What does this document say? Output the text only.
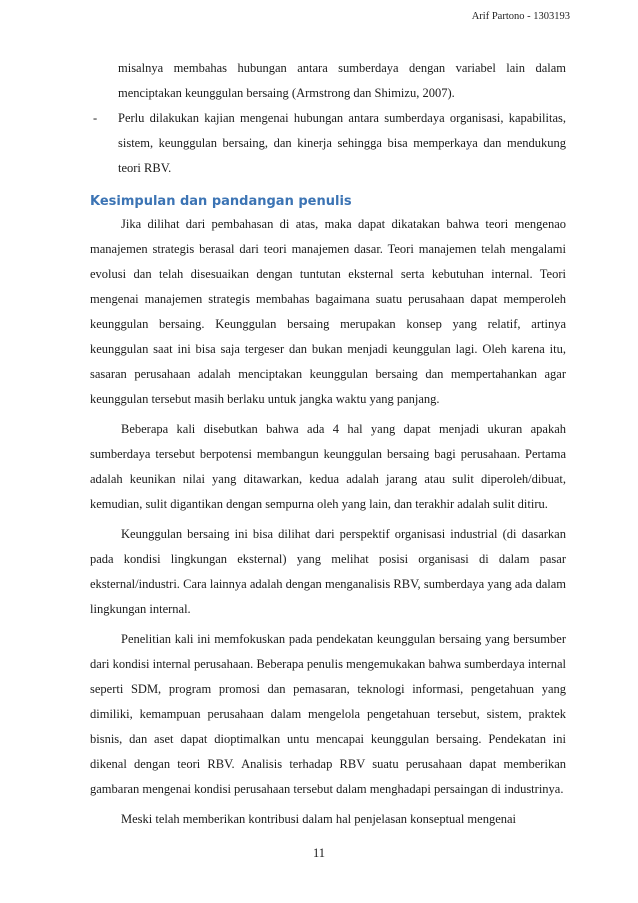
Arif Partono - 1303193

misalnya membahas hubungan antara sumberdaya dengan variabel lain dalam menciptakan keunggulan bersaing (Armstrong dan Shimizu, 2007).

- Perlu dilakukan kajian mengenai hubungan antara sumberdaya organisasi, kapabilitas, sistem, keunggulan bersaing, dan kinerja sehingga bisa memperkaya dan mendukung teori RBV.

Kesimpulan dan pandangan penulis

Jika dilihat dari pembahasan di atas, maka dapat dikatakan bahwa teori mengenao manajemen strategis berasal dari teori manajemen dasar. Teori manajemen telah mengalami evolusi dan telah disesuaikan dengan tuntutan eksternal serta kebutuhan internal. Teori mengenai manajemen strategis membahas bagaimana suatu perusahaan dapat memperoleh keunggulan bersaing. Keunggulan bersaing merupakan konsep yang relatif, artinya keunggulan saat ini bisa saja tergeser dan bukan menjadi keunggulan lagi. Oleh karena itu, sasaran perusahaan adalah menciptakan keunggulan bersaing dan mempertahankan agar keunggulan tersebut masih berlaku untuk jangka waktu yang panjang.

Beberapa kali disebutkan bahwa ada 4 hal yang dapat menjadi ukuran apakah sumberdaya tersebut berpotensi membangun keunggulan bersaing bagi perusahaan. Pertama adalah keunikan nilai yang ditawarkan, kedua adalah jarang atau sulit diperoleh/dibuat, kemudian, sulit digantikan dengan sempurna oleh yang lain, dan terakhir adalah sulit ditiru.

Keunggulan bersaing ini bisa dilihat dari perspektif organisasi industrial (di dasarkan pada kondisi lingkungan eksternal) yang melihat posisi organisasi di dalam pasar eksternal/industri. Cara lainnya adalah dengan menganalisis RBV, sumberdaya yang ada dalam lingkungan internal.

Penelitian kali ini memfokuskan pada pendekatan keunggulan bersaing yang bersumber dari kondisi internal perusahaan. Beberapa penulis mengemukakan bahwa sumberdaya internal seperti SDM, program promosi dan pemasaran, teknologi informasi, pengetahuan yang dimiliki, kemampuan perusahaan dalam mengelola pengetahuan tersebut, sistem, praktek bisnis, dan aset dapat dioptimalkan untu mencapai keunggulan bersaing. Pendekatan ini dikenal dengan teori RBV. Analisis terhadap RBV suatu perusahaan dapat memberikan gambaran mengenai kondisi perusahaan tersebut dalam menghadapi persaingan di industrinya.

Meski telah memberikan kontribusi dalam hal penjelasan konseptual mengenai

11
